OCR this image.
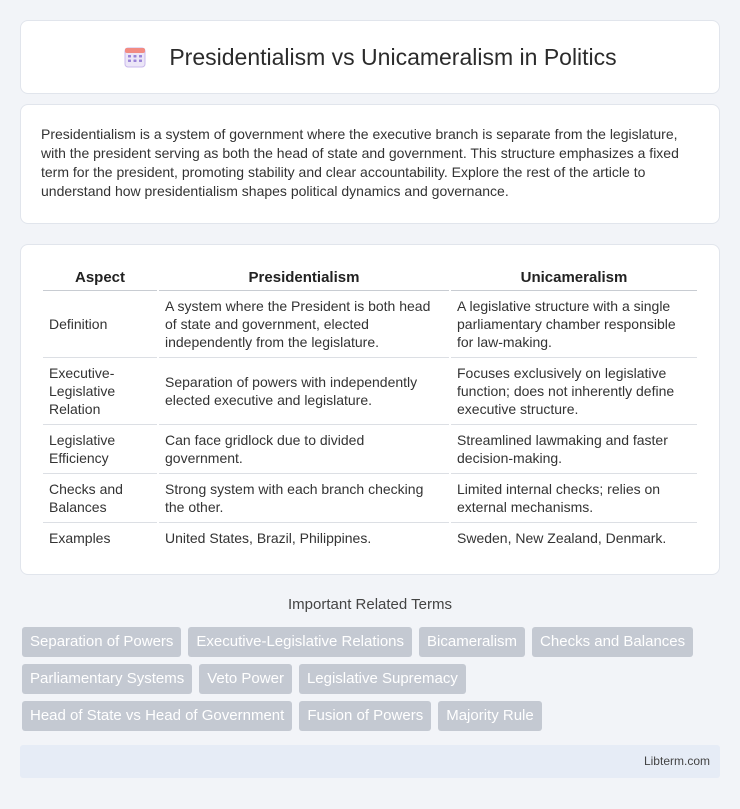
Presidentialism vs Unicameralism in Politics

Presidentialism is a system of government where the executive branch is separate from the legislature, with the president serving as both the head of state and government. This structure emphasizes a fixed term for the president, promoting stability and clear accountability. Explore the rest of the article to understand how presidentialism shapes political dynamics and governance.

Aspect	Presidentialism	Unicameralism
Definition	A system where the President is both head of state and government, elected independently from the legislature.	A legislative structure with a single parliamentary chamber responsible for law-making.
Executive-Legislative Relation	Separation of powers with independently elected executive and legislature.	Focuses exclusively on legislative function; does not inherently define executive structure.
Legislative Efficiency	Can face gridlock due to divided government.	Streamlined lawmaking and faster decision-making.
Checks and Balances	Strong system with each branch checking the other.	Limited internal checks; relies on external mechanisms.
Examples	United States, Brazil, Philippines.	Sweden, New Zealand, Denmark.
Important Related Terms
Separation of Powers	Executive-Legislative Relations	Bicameralism	Checks and Balances
Parliamentary Systems	Veto Power	Legislative Supremacy
Head of State vs Head of Government	Fusion of Powers	Majority Rule
Libterm.com
